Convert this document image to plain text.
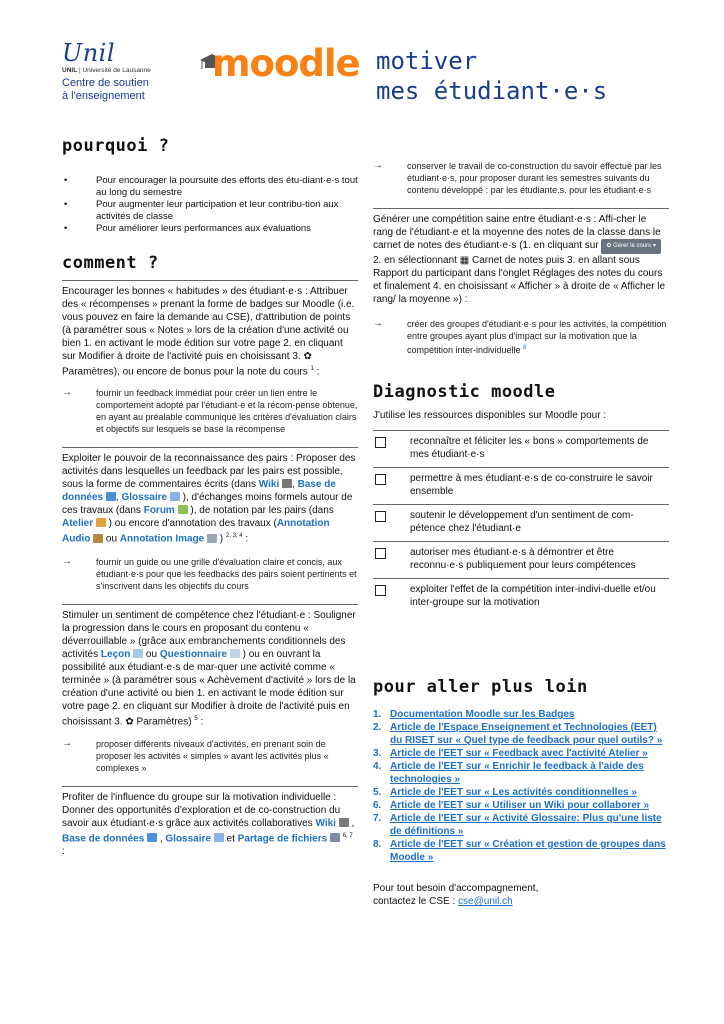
Unil
UNIL | Université de Lausanne
Centre de soutien
à l'enseignement
moodle motiver
mes étudiant·e·s
pourquoi ?
• Pour encourager la poursuite des efforts des étu-diant·e·s tout au long du semestre
• Pour augmenter leur participation et leur contribu-tion aux activités de classe
• Pour améliorer leurs performances aux évaluations
comment ?

Encourager les bonnes « habitudes » des étudiant·e·s : Attribuer des « récompenses » prenant la forme de badges sur Moodle (i.e. vous pouvez en faire la demande au CSE), d'attribution de points (à paramétrer sous « Notes » lors de la création d'une activité ou bien 1. en activant le mode édition sur votre page 2. en cliquant sur Modifier à droite de l'activité puis en choisissant 3. ✿ Paramètres), ou encore de bonus pour la note du cours $^1$ :

→	fournir un feedback immédiat pour créer un lien entre le comportement adopté par l'étudiant·e et la récom-pense obtenue, en ayant au préalable communiqué les critères d'évaluation clairs et objectifs sur lesquels se base la récompense

Exploiter le pouvoir de la reconnaissance des pairs : Proposer des activités dans lesquelles un feedback par les pairs est possible, sous la forme de commentaires écrits (dans Wiki , Base de données , Glossaire  ), d'échanges moins formels autour de ces travaux (dans Forum  ), de notation par les pairs (dans Atelier  ) ou encore d'annotation des travaux (Annotation Audio  ou Annotation Image  ) $^{2, 3, 4}$ :

→	fournir un guide ou une grille d'évaluation claire et concis, aux étudiant·e·s pour que les feedbacks des pairs soient pertinents et s'inscrivent dans les objectifs du cours

Stimuler un sentiment de compétence chez l'étudiant·e : Souligner la progression dans le cours en proposant du contenu « déverrouillable » (grâce aux embranchements conditionnels des activités Leçon  ou Questionnaire  ) ou en ouvrant la possibilité aux étudiant·e·s de mar-quer une activité comme « terminée » (à paramétrer sous « Achèvement d'activité » lors de la création d'une activité ou bien 1. en activant le mode édition sur votre page 2. en cliquant sur Modifier à droite de l'activité puis en choisissant 3. ✿ Paramètres) $^5$ :

→	proposer différents niveaux d'activités, en prenant soin de proposer les activités « simples » avant les activités plus « complexes »

Profiter de l'influence du groupe sur la motivation individuelle : Donner des opportunités d'exploration et de co-construction du savoir aux étudiant·e·s grâce aux activités collaboratives Wiki  , Base de données  , Glossaire  et Partage de fichiers	$^{6, 7}$ :

→	conserver le travail de co-construction du savoir effectué par les étudiant·e·s, pour proposer durant les semestres suivants du contenu développé : par les étudiante.s. pour les étudiant·e·s

Générer une compétition saine entre étudiant·e·s : Affi-cher le rang de l'étudiant·e et la moyenne des notes de la classe dans le carnet de notes des étudiant·e·s (1. en cliquant sur ✿ Gérer le cours ▾ 2. en sélectionnant ▦ Carnet de notes puis 3. en allant sous Rapport du participant dans l'onglet Réglages des notes du cours et finalement 4. en choisissant « Afficher » à droite de « Afficher le rang/ la moyenne ») :

→	créer des groupes d'étudiant·e·s pour les activités, la compétition entre groupes ayant plus d'impact sur la motivation que la compétition inter-individuelle $^8$
Diagnostic moodle

J'utilise les ressources disponibles sur Moodle pour :

reconnaître et féliciter les « bons » comportements de mes étudiant·e·s
permettre à mes étudiant·e·s de co-construire le savoir ensemble
soutenir le développement d'un sentiment de com-pétence chez l'étudiant·e
autoriser mes étudiant·e·s à démontrer et être reconnu·e·s publiquement pour leurs compétences
exploiter l'effet de la compétition inter-indivi-duelle et/ou inter-groupe sur la motivation
pour aller plus loin
1. Documentation Moodle sur les Badges
2. Article de l'Espace Enseignement et Technologies (EET) du RISET sur « Quel type de feedback pour quel outils? »
3. Article de l'EET sur « Feedback avec l'activité Atelier »
4. Article de l'EET sur « Enrichir le feedback à l'aide des technologies »
5. Article de l'EET sur « Les activités conditionnelles »
6. Article de l'EET sur « Utiliser un Wiki pour collaborer »
7. Article de l'EET sur « Activité Glossaire: Plus qu'une liste de définitions »
8. Article de l'EET sur « Création et gestion de groupes dans Moodle »

Pour tout besoin d'accompagnement,
contactez le CSE : cse@unil.ch
